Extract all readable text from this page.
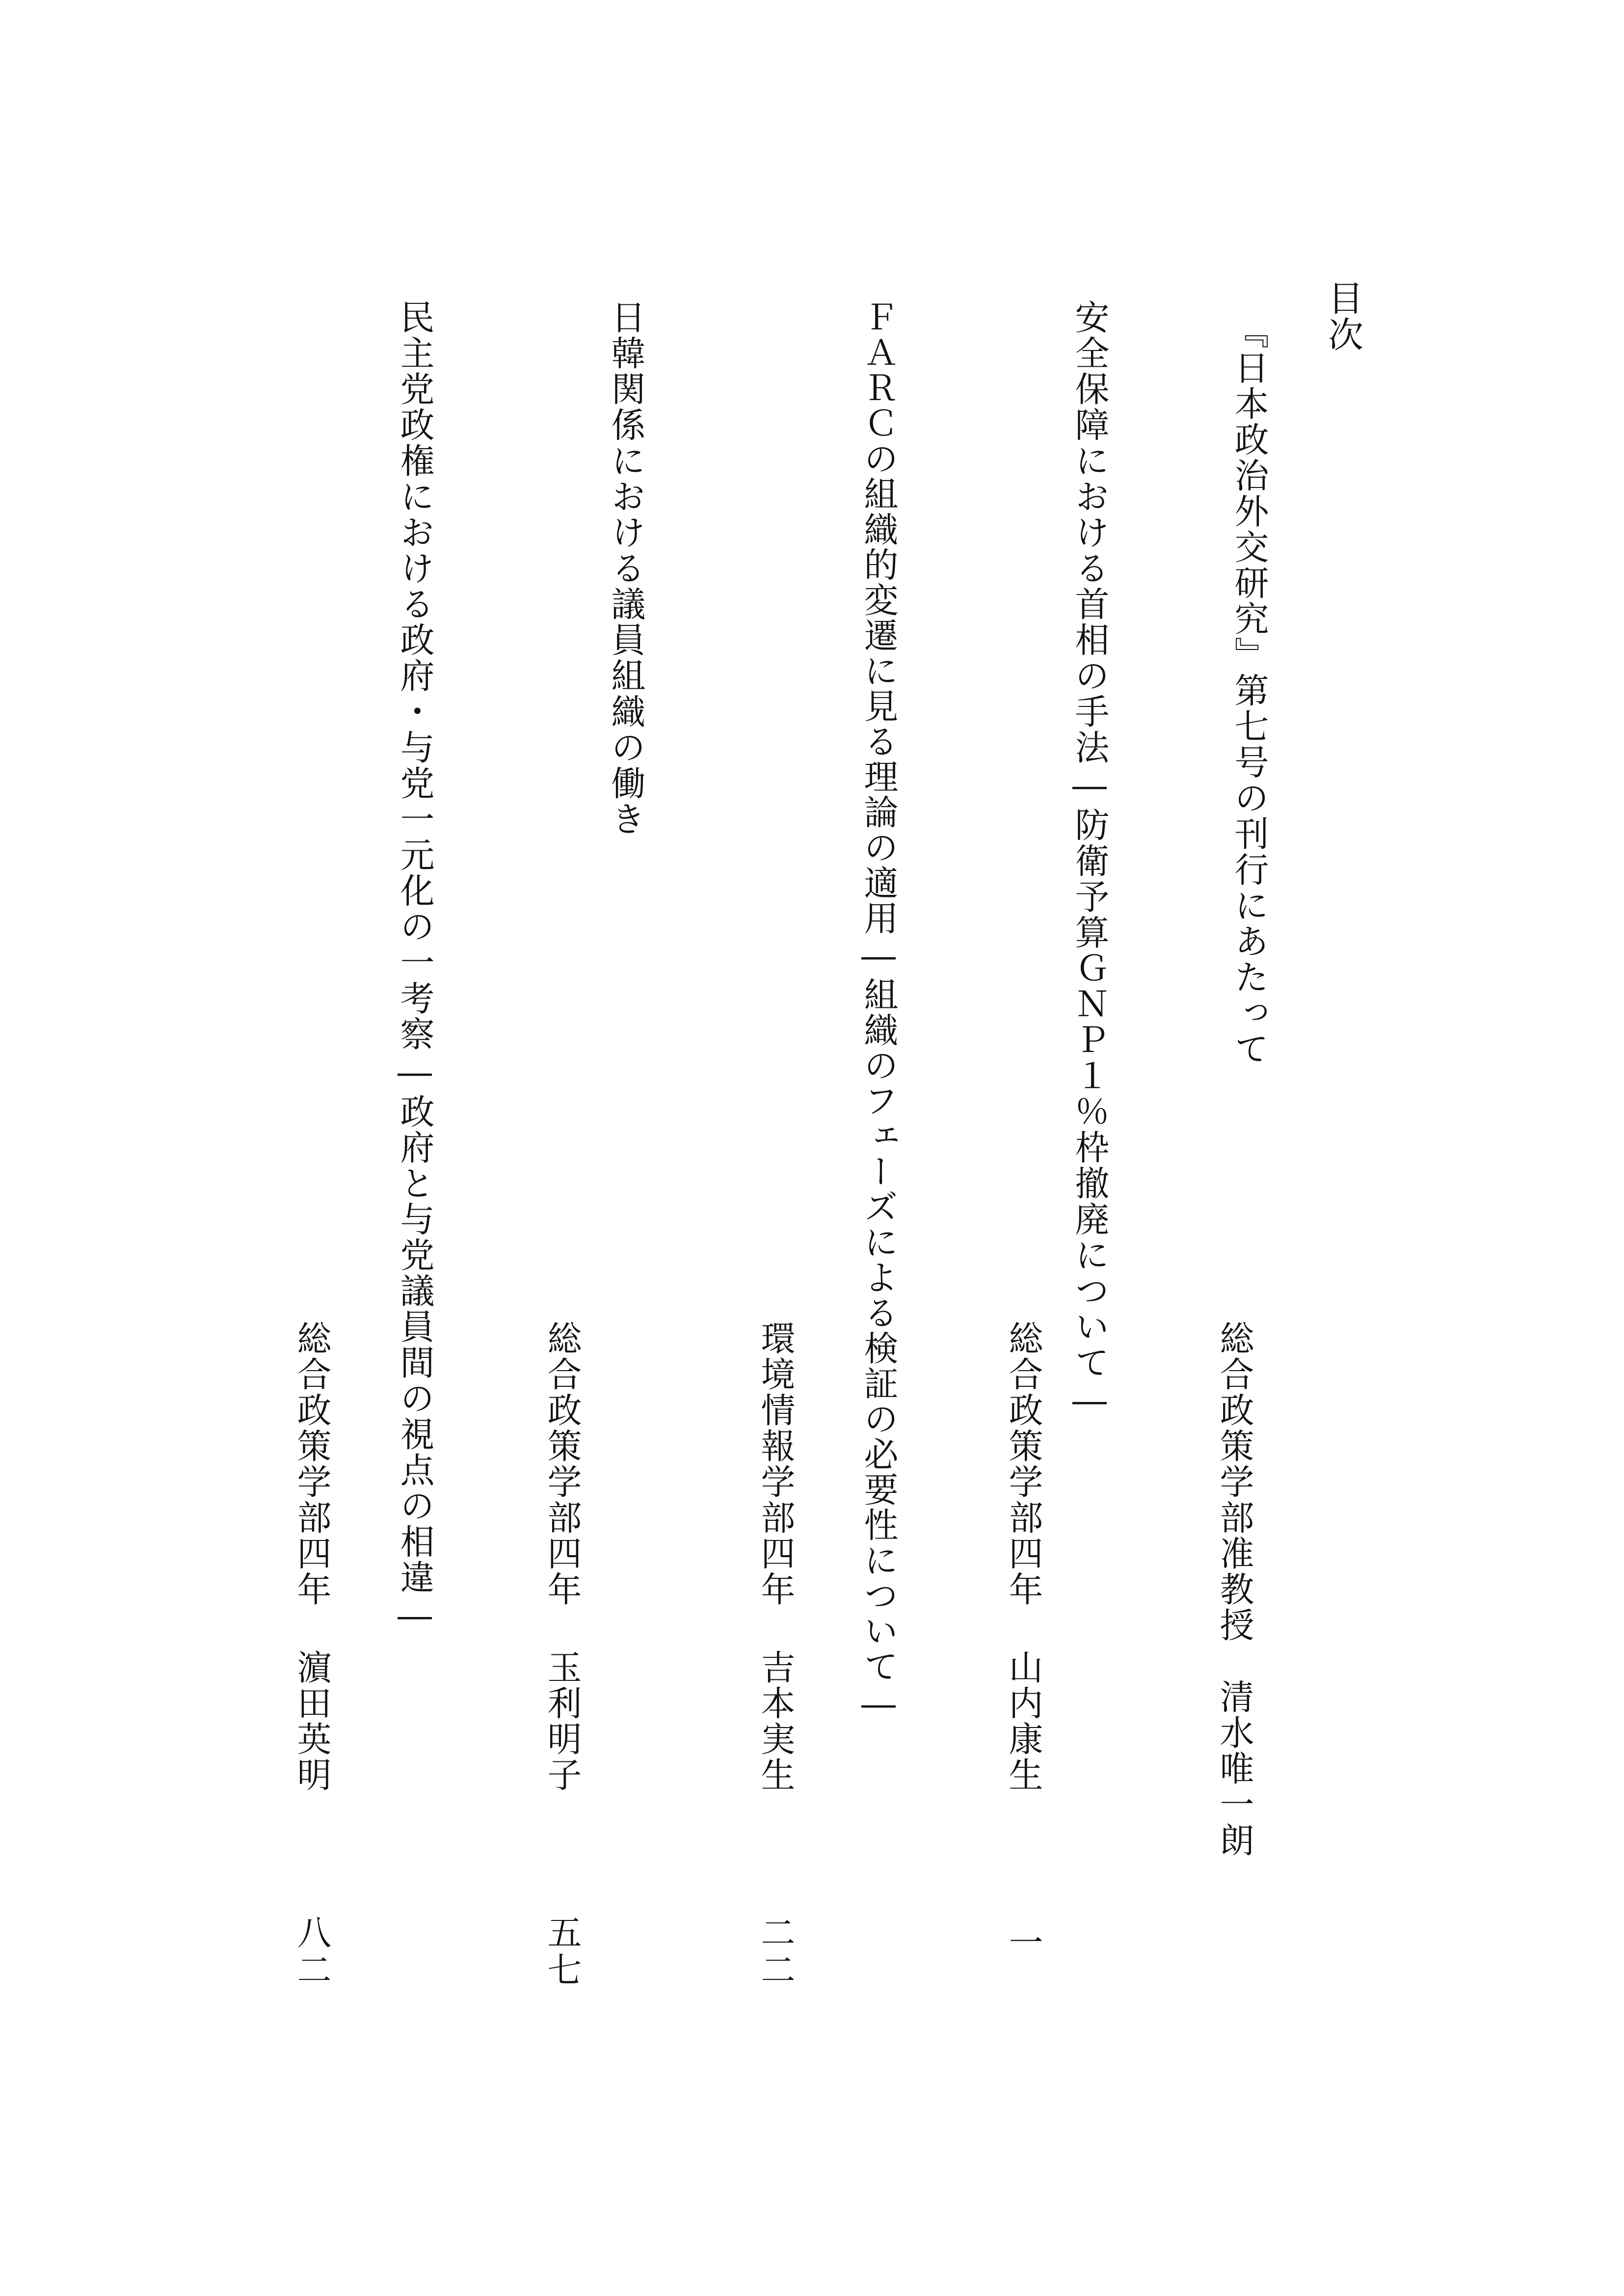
目次
『日本政治外交研究』第七号の刊行にあたって
総合政策学部准教授
清水唯一朗
安全保障における首相の手法―防衛予算ＧＮＰ１％枠撤廃について―
総合政策学部四年
山内康生
一
ＦＡＲＣの組織的変遷に見る理論の適用―組織のフェーズによる検証の必要性について―
環境情報学部四年
吉本実生
二二
日韓関係における議員組織の働き
総合政策学部四年
玉利明子
五七
民主党政権における政府・与党一元化の一考察―政府と与党議員間の視点の相違―
総合政策学部四年
濵田英明
八二
